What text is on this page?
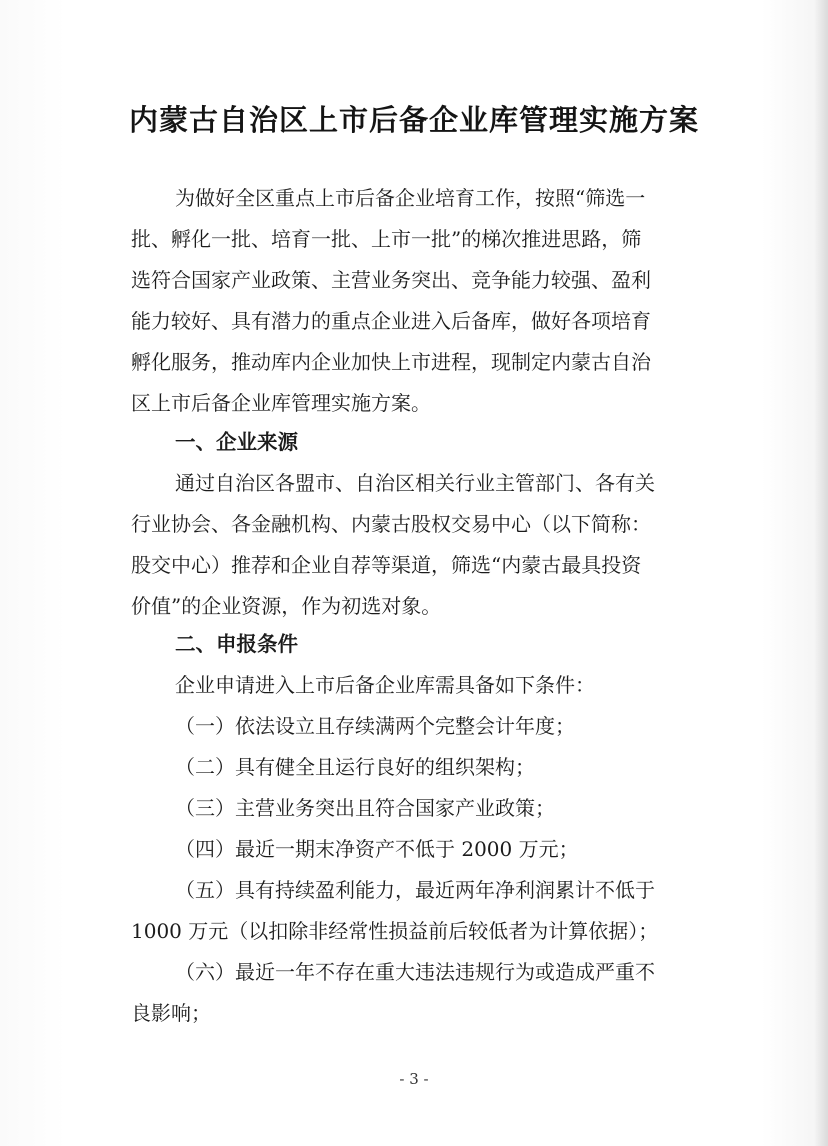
内蒙古自治区上市后备企业库管理实施方案
为做好全区重点上市后备企业培育工作，按照“筛选一
批、孵化一批、培育一批、上市一批”的梯次推进思路，筛
选符合国家产业政策、主营业务突出、竞争能力较强、盈利
能力较好、具有潜力的重点企业进入后备库，做好各项培育
孵化服务，推动库内企业加快上市进程，现制定内蒙古自治
区上市后备企业库管理实施方案。
一、企业来源
通过自治区各盟市、自治区相关行业主管部门、各有关
行业协会、各金融机构、内蒙古股权交易中心（以下简称：
股交中心）推荐和企业自荐等渠道，筛选“内蒙古最具投资
价值”的企业资源，作为初选对象。
二、申报条件
企业申请进入上市后备企业库需具备如下条件：
（一）依法设立且存续满两个完整会计年度；
（二）具有健全且运行良好的组织架构；
（三）主营业务突出且符合国家产业政策；
（四）最近一期末净资产不低于 2000 万元；
（五）具有持续盈利能力，最近两年净利润累计不低于
1000 万元（以扣除非经常性损益前后较低者为计算依据）；
（六）最近一年不存在重大违法违规行为或造成严重不
良影响；
- 3 -
